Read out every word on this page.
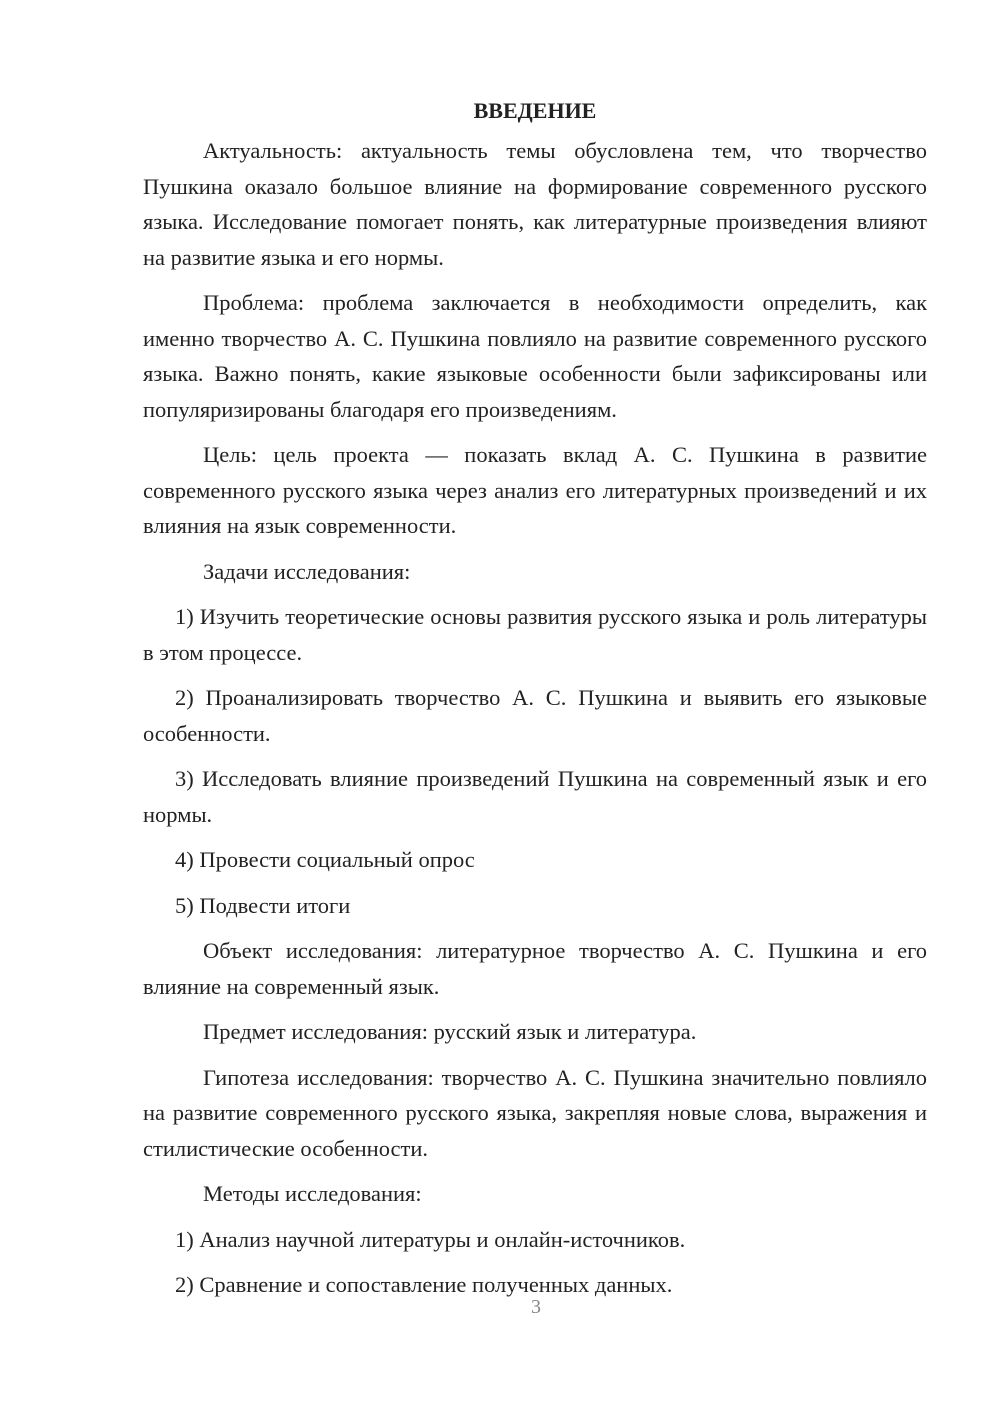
ВВЕДЕНИЕ

Актуальность: актуальность темы обусловлена тем, что творчество Пушкина оказало большое влияние на формирование современного русского языка. Исследование помогает понять, как литературные произведения влияют на развитие языка и его нормы.

Проблема: проблема заключается в необходимости определить, как именно творчество А. С. Пушкина повлияло на развитие современного русского языка. Важно понять, какие языковые особенности были зафиксированы или популяризированы благодаря его произведениям.

Цель: цель проекта — показать вклад А. С. Пушкина в развитие современного русского языка через анализ его литературных произведений и их влияния на язык современности.

Задачи исследования:

1) Изучить теоретические основы развития русского языка и роль литературы в этом процессе.

2) Проанализировать творчество А. С. Пушкина и выявить его языковые особенности.

3) Исследовать влияние произведений Пушкина на современный язык и его нормы.

4) Провести социальный опрос

5) Подвести итоги

Объект исследования: литературное творчество А. С. Пушкина и его влияние на современный язык.

Предмет исследования: русский язык и литература.

Гипотеза исследования: творчество А. С. Пушкина значительно повлияло на развитие современного русского языка, закрепляя новые слова, выражения и стилистические особенности.

Методы исследования:

1) Анализ научной литературы и онлайн-источников.

2) Сравнение и сопоставление полученных данных.

3
